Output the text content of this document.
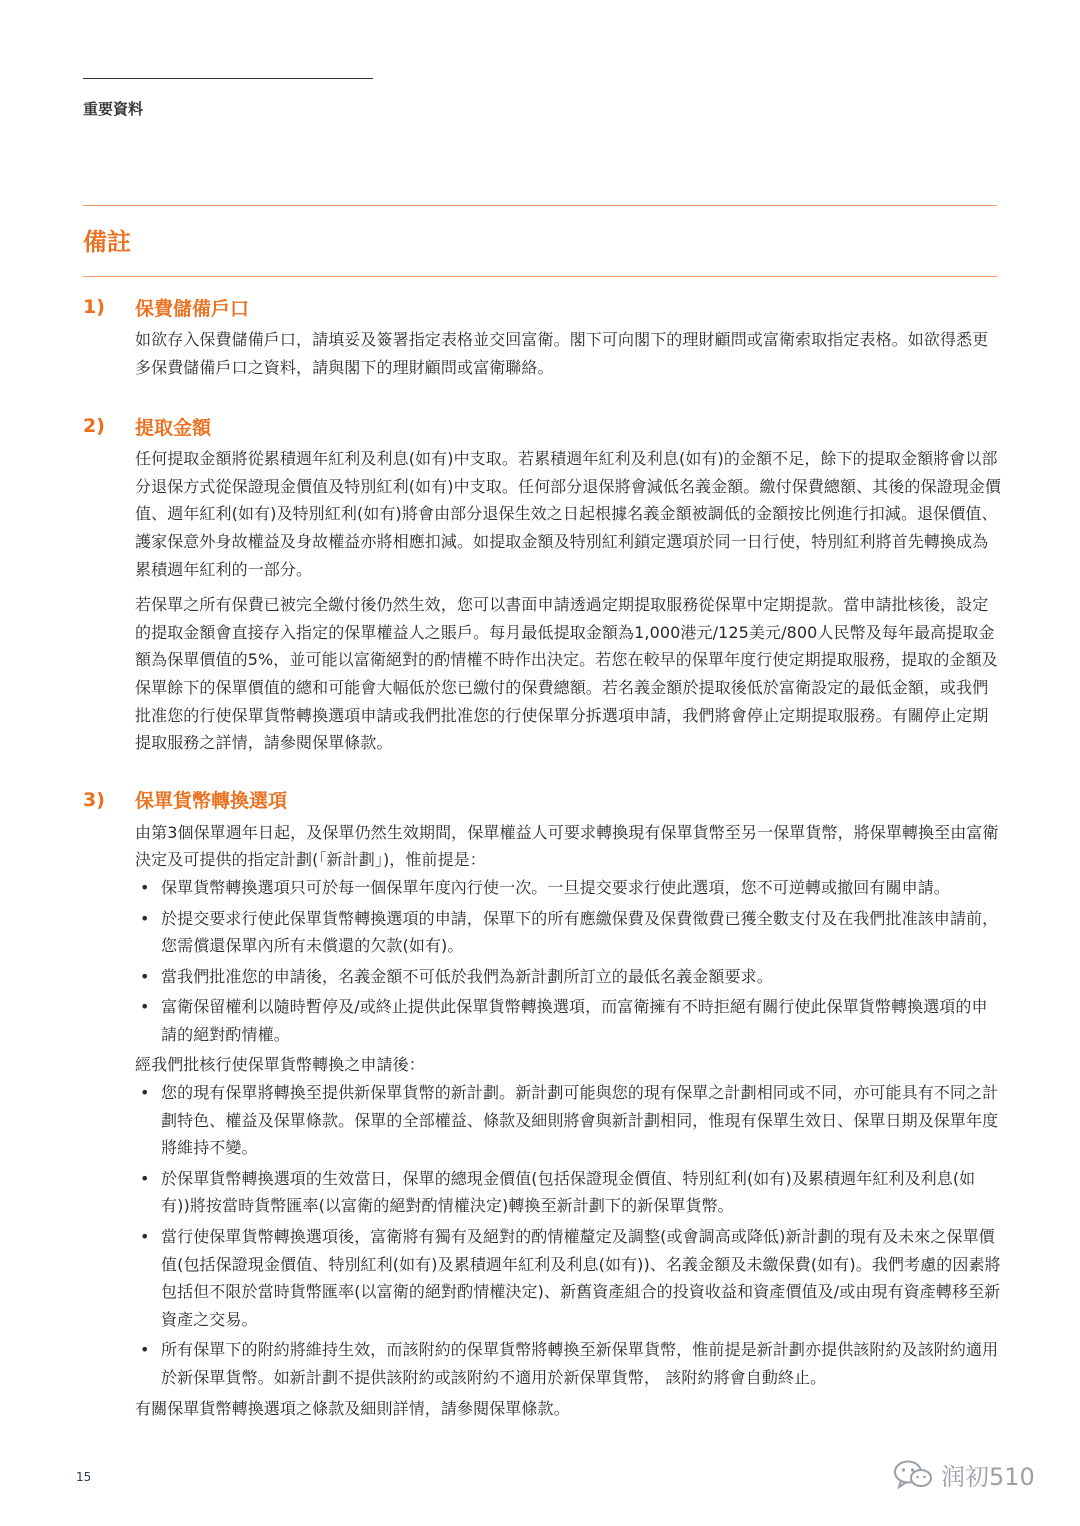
重要資料
備註
1)	保費儲備戶口

如欲存入保費儲備戶口，請填妥及簽署指定表格並交回富衛。閣下可向閣下的理財顧問或富衛索取指定表格。如欲得悉更多保費儲備戶口之資料，請與閣下的理財顧問或富衛聯絡。

2)	提取金額

任何提取金額將從累積週年紅利及利息(如有)中支取。若累積週年紅利及利息(如有)的金額不足，餘下的提取金額將會以部分退保方式從保證現金價值及特別紅利(如有)中支取。任何部分退保將會減低名義金額。繳付保費總額、其後的保證現金價值、週年紅利(如有)及特別紅利(如有)將會由部分退保生效之日起根據名義金額被調低的金額按比例進行扣減。退保價值、護家保意外身故權益及身故權益亦將相應扣減。如提取金額及特別紅利鎖定選項於同一日行使，特別紅利將首先轉換成為累積週年紅利的一部分。

若保單之所有保費已被完全繳付後仍然生效，您可以書面申請透過定期提取服務從保單中定期提款。當申請批核後，設定的提取金額會直接存入指定的保單權益人之賬戶。每月最低提取金額為1,000港元/125美元/800人民幣及每年最高提取金額為保單價值的5%，並可能以富衛絕對的酌情權不時作出決定。若您在較早的保單年度行使定期提取服務，提取的金額及保單餘下的保單價值的總和可能會大幅低於您已繳付的保費總額。若名義金額於提取後低於富衛設定的最低金額，或我們批准您的行使保單貨幣轉換選項申請或我們批准您的行使保單分拆選項申請，我們將會停止定期提取服務。有關停止定期提取服務之詳情，請參閱保單條款。

3)	保單貨幣轉換選項

由第3個保單週年日起，及保單仍然生效期間，保單權益人可要求轉換現有保單貨幣至另一保單貨幣，將保單轉換至由富衛決定及可提供的指定計劃(「新計劃」)，惟前提是：

• 保單貨幣轉換選項只可於每一個保單年度內行使一次。一旦提交要求行使此選項，您不可逆轉或撤回有關申請。
• 於提交要求行使此保單貨幣轉換選項的申請，保單下的所有應繳保費及保費徵費已獲全數支付及在我們批准該申請前，您需償還保單內所有未償還的欠款(如有)。
• 當我們批准您的申請後，名義金額不可低於我們為新計劃所訂立的最低名義金額要求。
• 富衛保留權利以隨時暫停及/或終止提供此保單貨幣轉換選項，而富衛擁有不時拒絕有關行使此保單貨幣轉換選項的申請的絕對酌情權。

經我們批核行使保單貨幣轉換之申請後：

• 您的現有保單將轉換至提供新保單貨幣的新計劃。新計劃可能與您的現有保單之計劃相同或不同，亦可能具有不同之計劃特色、權益及保單條款。保單的全部權益、條款及細則將會與新計劃相同，惟現有保單生效日、保單日期及保單年度將維持不變。
• 於保單貨幣轉換選項的生效當日，保單的總現金價值(包括保證現金價值、特別紅利(如有)及累積週年紅利及利息(如有))將按當時貨幣匯率(以富衛的絕對酌情權決定)轉換至新計劃下的新保單貨幣。
• 當行使保單貨幣轉換選項後，富衛將有獨有及絕對的酌情權釐定及調整(或會調高或降低)新計劃的現有及未來之保單價值(包括保證現金價值、特別紅利(如有)及累積週年紅利及利息(如有))、名義金額及未繳保費(如有)。我們考慮的因素將包括但不限於當時貨幣匯率(以富衛的絕對酌情權決定)、新舊資產組合的投資收益和資產價值及/或由現有資產轉移至新資產之交易。
• 所有保單下的附約將維持生效，而該附約的保單貨幣將轉換至新保單貨幣，惟前提是新計劃亦提供該附約及該附約適用於新保單貨幣。如新計劃不提供該附約或該附約不適用於新保單貨幣， 該附約將會自動終止。

有關保單貨幣轉換選項之條款及細則詳情，請參閱保單條款。

15	润初510
